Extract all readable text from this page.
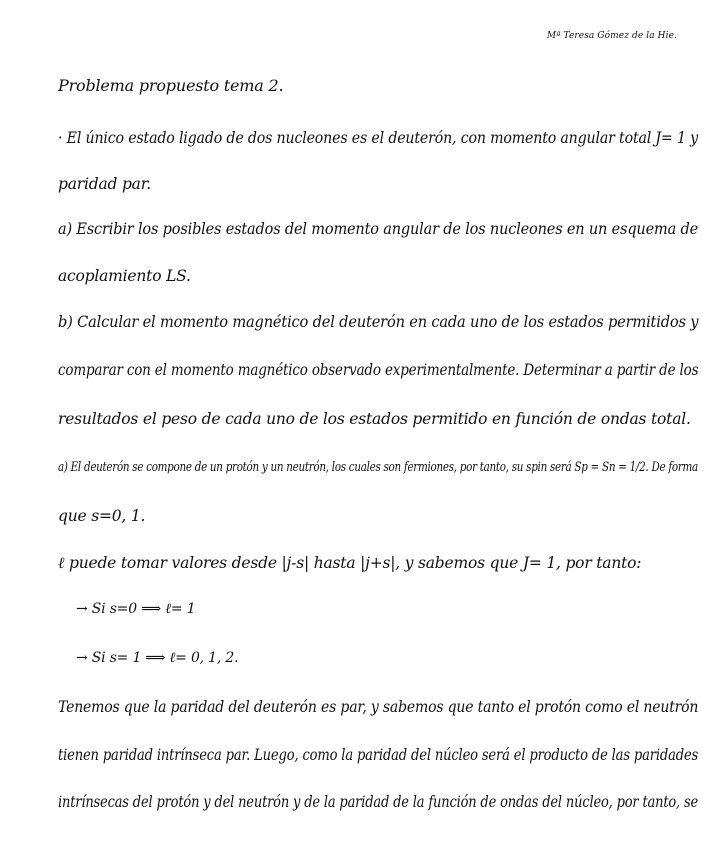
Mª Teresa Gómez de la Hie.
Problema propuesto tema 2.
· El único estado ligado de dos nucleones es el deuterón, con momento angular total J= 1 y
paridad par.
a) Escribir los posibles estados del momento angular de los nucleones en un esquema de
acoplamiento LS.
b) Calcular el momento magnético del deuterón en cada uno de los estados permitidos y
comparar con el momento magnético observado experimentalmente. Determinar a partir de los
resultados el peso de cada uno de los estados permitido en función de ondas total.
a) El deuterón se compone de un protón y un neutrón, los cuales son fermiones, por tanto, su spin será Sp = Sn = 1/2. De forma
que s=0, 1.
ℓ puede tomar valores desde |j-s| hasta |j+s|, y sabemos que J= 1, por tanto:
→ Si s=0 ⟹ ℓ= 1
→ Si s= 1 ⟹ ℓ= 0, 1, 2.
Tenemos que la paridad del deuterón es par, y sabemos que tanto el protón como el neutrón
tienen paridad intrínseca par. Luego, como la paridad del núcleo será el producto de las paridades
intrínsecas del protón y del neutrón y de la paridad de la función de ondas del núcleo, por tanto, se
